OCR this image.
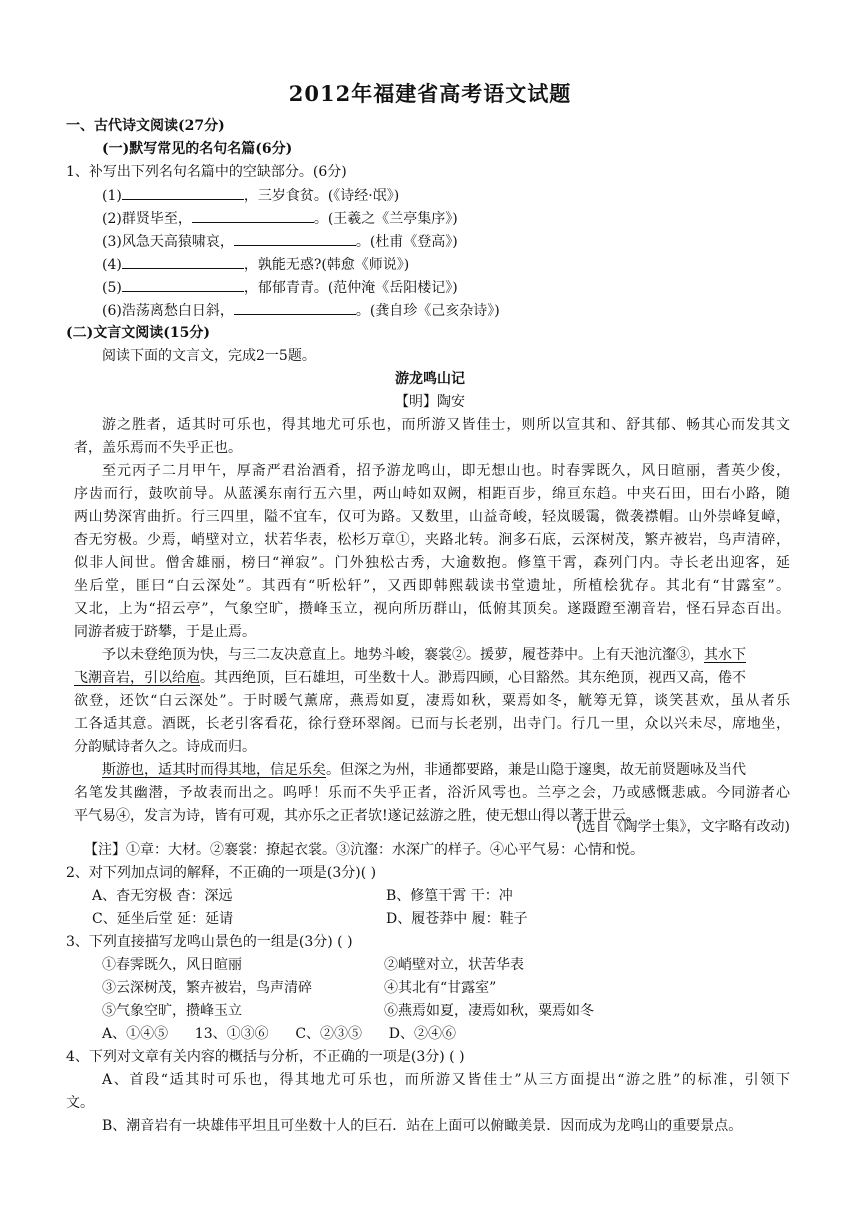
2012年福建省高考语文试题
一、古代诗文阅读(27分)
(一)默写常见的名句名篇(6分)
1、补写出下列名句名篇中的空缺部分。(6分)
(1)	，三岁食贫。(《诗经·氓》)
(2)群贤毕至，	。(王羲之《兰亭集序》)
(3)风急天高猿啸哀，	。(杜甫《登高》)
(4)	，孰能无惑?(韩愈《师说》)
(5)	，郁郁青青。(范仲淹《岳阳楼记》)
(6)浩荡离愁白日斜，	。(龚自珍《己亥杂诗》)
(二)文言文阅读(15分)
阅读下面的文言文，完成2一5题。
游龙鸣山记
【明】陶安
游之胜者，适其时可乐也，得其地尤可乐也，而所游又皆佳士，则所以宣其和、舒其郁、畅其心而发其文
者，盖乐焉而不失乎正也。
至元丙子二月甲午，厚斋严君治酒肴，招予游龙鸣山，即无想山也。时春霁既久，风日暄丽，耆英少俊，
序齿而行，鼓吹前导。从蓝溪东南行五六里，两山峙如双阙，相距百步，绵亘东趋。中夹石田，田右小路，随
两山势深宵曲折。行三四里，隘不宜车，仅可为路。又数里，山益奇峻，轻岚暖霭，微袭襟帽。山外崇峰复嶂，
杳无穷极。少焉，峭壁对立，状若华表，松杉万章①，夹路北转。涧多石底，云深树茂，繁卉被岩，鸟声清碎，
似非人间世。僧舍雄丽，榜曰“禅寂”。门外独松古秀，大逾数抱。修篁干霄，森列门内。寺长老出迎客，延
坐后堂，匪曰“白云深处”。其西有“听松轩”，又西即韩熙载读书堂遗址，所植桧犹存。其北有“甘露室”。
又北，上为“招云亭”，气象空旷，攒峰玉立，视向所历群山，低俯其顶矣。遂蹑蹬至潮音岩，怪石异态百出。
同游者疲于跻攀，于是止焉。
予以未登绝顶为快，与三二友决意直上。地势斗峻，褰裳②。援萝，履苍莽中。上有天池沆瀣③，其水下
飞潮音岩，引以给庖。其西绝顶，巨石雄坦，可坐数十人。渺焉四顾，心目豁然。其东绝顶，视西又高，倦不
欲登，还饮“白云深处”。于时暖气薰席，燕焉如夏，凄焉如秋，粟焉如冬，觥筹无算，谈笑甚欢，虽从者乐
工各适其意。酒既，长老引客看花，徐行登环翠阁。已而与长老别，出寺门。行几一里，众以兴未尽，席地坐，
分韵赋诗者久之。诗成而归。
斯游也，适其时而得其地，信足乐矣。但深之为州，非通都要路，兼是山隐于邃奥，故无前贤题咏及当代
名笔发其幽潜，予故表而出之。呜呼！乐而不失乎正者，浴沂风雩也。兰亭之会，乃或感慨悲戚。今同游者心
平气易④，发言为诗，皆有可观，其亦乐之正者欤!遂记兹游之胜，使无想山得以著于世云。
(选自《陶学士集》，文字略有改动)
【注】①章：大材。②褰裳：撩起衣裳。③沆瀣：水深广的样子。④心平气易：心情和悦。
2、对下列加点词的解释，不正确的一项是(3分)( )
A、杳无穷极 杳：深远	B、修篁干霄 干：冲
C、延坐后堂 延：延请	D、履苍莽中 履：鞋子
3、下列直接描写龙鸣山景色的一组是(3分) ( )
①春霁既久，风日暄丽	②峭壁对立，状苦华表
③云深树茂，繁卉被岩，鸟声清碎	④其北有“甘露室”
⑤气象空旷，攒峰玉立	⑥燕焉如夏，凄焉如秋，粟焉如冬
A、①④⑤      13、①③⑥      C、②③⑤      D、②④⑥
4、下列对文章有关内容的概括与分析，不正确的一项是(3分) ( )
A、首段“适其时可乐也，得其地尤可乐也，而所游又皆佳士”从三方面提出“游之胜”的标准，引领下
文。
B、潮音岩有一块雄伟平坦且可坐数十人的巨石．站在上面可以俯瞰美景．因而成为龙鸣山的重要景点。
